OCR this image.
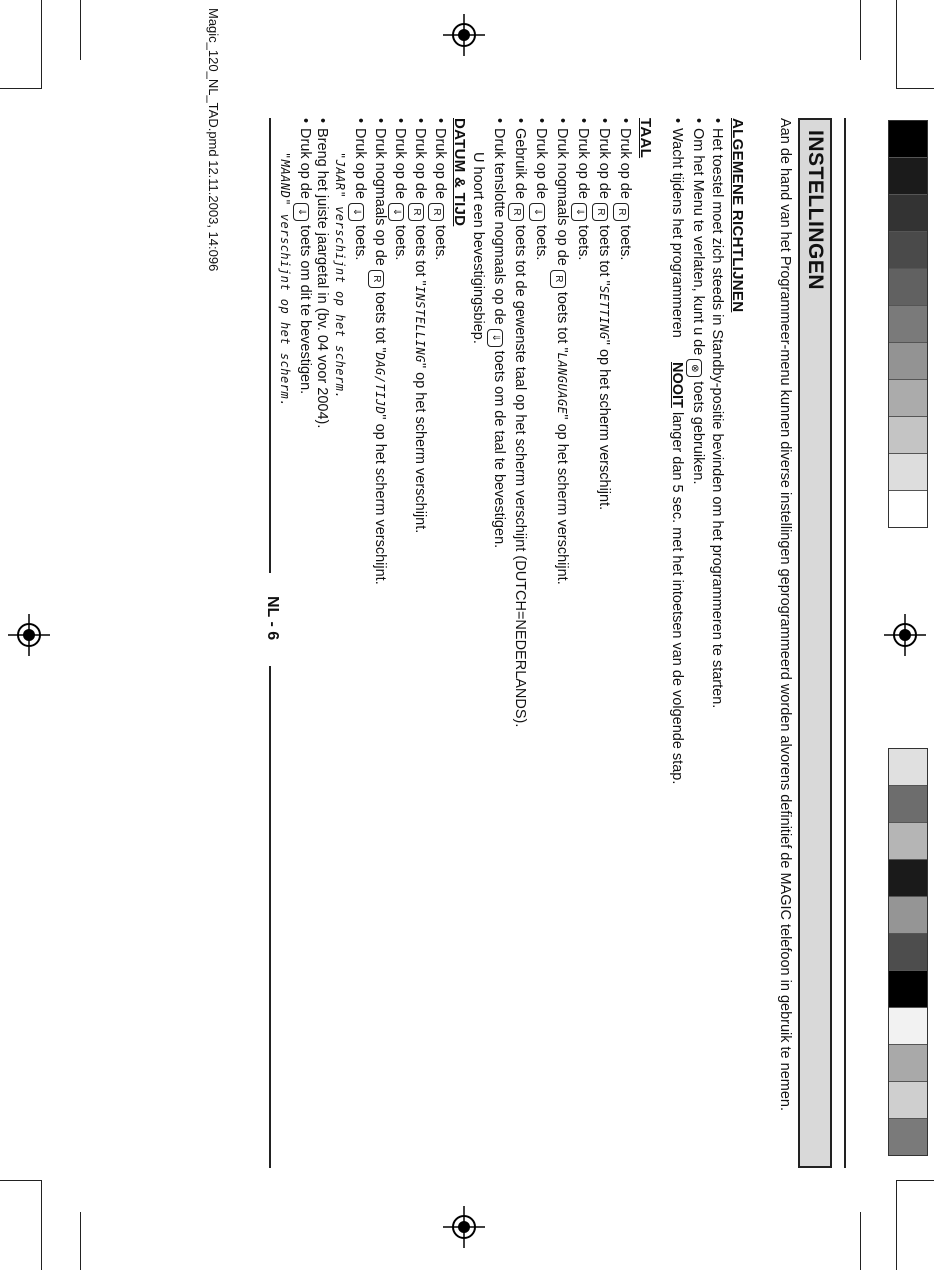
INSTELLINGEN
Aan de hand van het Programmeer-menu kunnen diverse instellingen geprogrammeerd worden alvorens definitief de MAGIC telefoon in gebruik te nemen.
ALGEMENE RICHTLIJNEN
• Het toestel moet zich steeds in Standby-positie bevinden om het programmeren te starten.
• Om het Menu te verlaten, kunt u de⊗toets gebruiken.
• Wacht tijdens het programmeren      NOOIT langer dan 5 sec. met het intoetsen van de volgende stap.
TAAL
• Druk op deRtoets.
• Druk op deRtoets tot "SETTING" op het scherm verschijnt.
• Druk op de⇓toets.
• Druk nogmaals op deRtoets tot "LANGUAGE" op het scherm verschijnt.
• Druk op de⇓toets.
• Gebruik deRtoets tot de gewenste taal op het scherm verschijnt (DUTCH=NEDERLANDS).
• Druk tenslotte nogmaals op de⇓toets om de taal te bevestigen.
U hoort een bevestigingsbiep.
DATUM & TIJD
• Druk op deRtoets.
• Druk op deRtoets tot "INSTELLING" op het scherm verschijnt.
• Druk op de⇓toets.
• Druk nogmaals op deRtoets tot "DAG/TIJD" op het scherm verschijnt.
• Druk op de⇓toets.
"JAAR" verschijnt op het scherm.
• Breng het juiste jaargetal in (bv. 04 voor 2004).
• Druk op de⇓toets om dit te bevestigen.
"MAAND" verschijnt op het scherm.
NL - 6
Magic_120_NL_TAD.pmd 12.11.2003, 14:096
